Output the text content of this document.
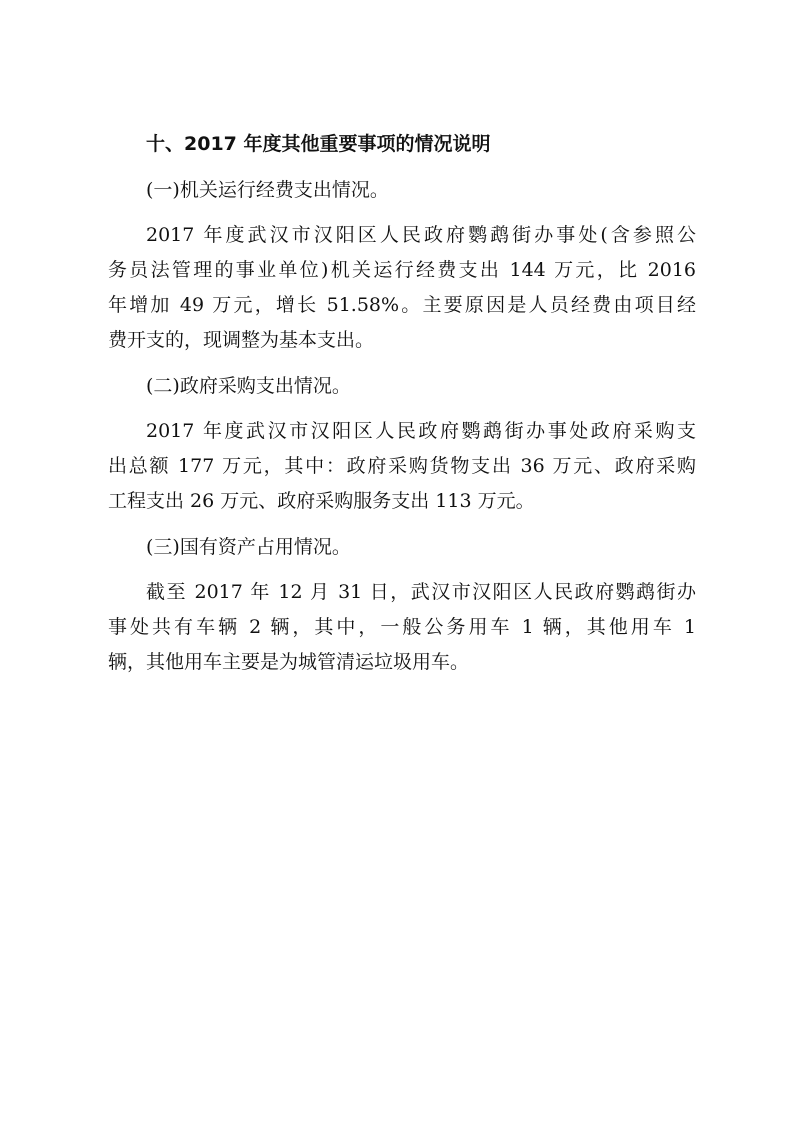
十、2017 年度其他重要事项的情况说明
(一)机关运行经费支出情况。
2017 年度武汉市汉阳区人民政府鹦鹉街办事处(含参照公
务员法管理的事业单位)机关运行经费支出 144 万元，比 2016
年增加 49 万元，增长 51.58%。主要原因是人员经费由项目经
费开支的，现调整为基本支出。
(二)政府采购支出情况。
2017 年度武汉市汉阳区人民政府鹦鹉街办事处政府采购支
出总额 177 万元，其中：政府采购货物支出 36 万元、政府采购
工程支出 26 万元、政府采购服务支出 113 万元。
(三)国有资产占用情况。
截至 2017 年 12 月 31 日，武汉市汉阳区人民政府鹦鹉街办
事处共有车辆 2 辆，其中，一般公务用车 1 辆，其他用车 1
辆，其他用车主要是为城管清运垃圾用车。
